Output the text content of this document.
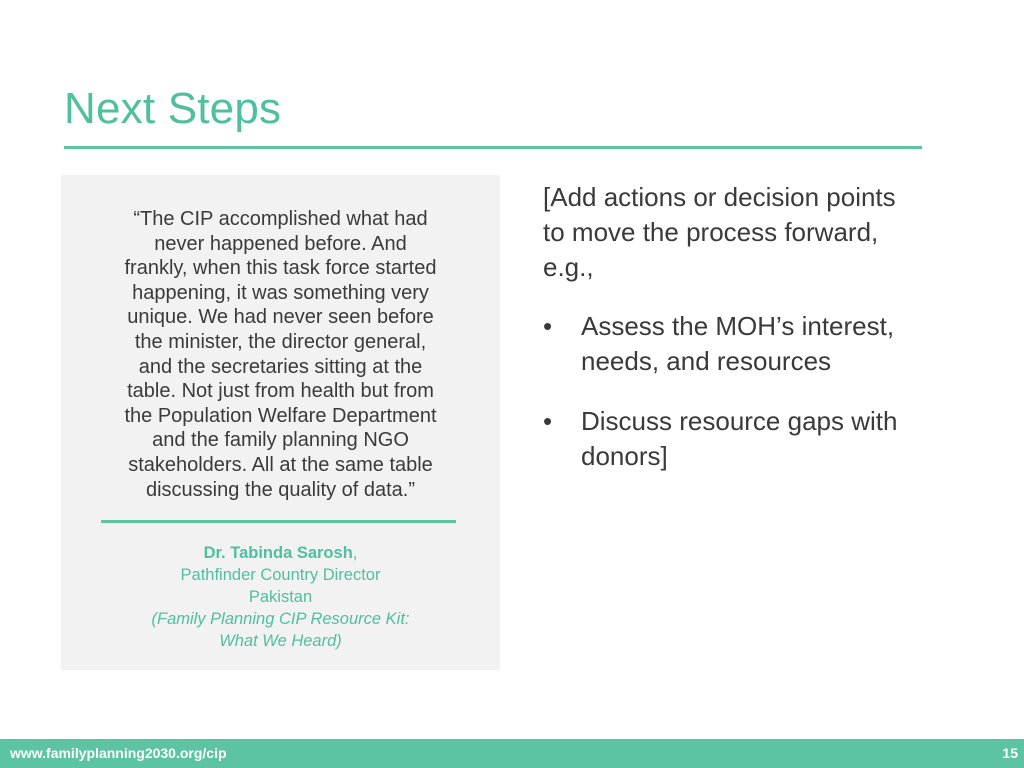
Next Steps
“The CIP accomplished what had
never happened before. And
frankly, when this task force started
happening, it was something very
unique. We had never seen before
the minister, the director general,
and the secretaries sitting at the
table. Not just from health but from
the Population Welfare Department
and the family planning NGO
stakeholders. All at the same table
discussing the quality of data.”
Dr. Tabinda Sarosh,
Pathfinder Country Director
Pakistan
(Family Planning CIP Resource Kit:
What We Heard)

[Add actions or decision points to move the process forward, e.g.,

• Assess the MOH’s interest, needs, and resources
• Discuss resource gaps with donors]
www.familyplanning2030.org/cip	15
